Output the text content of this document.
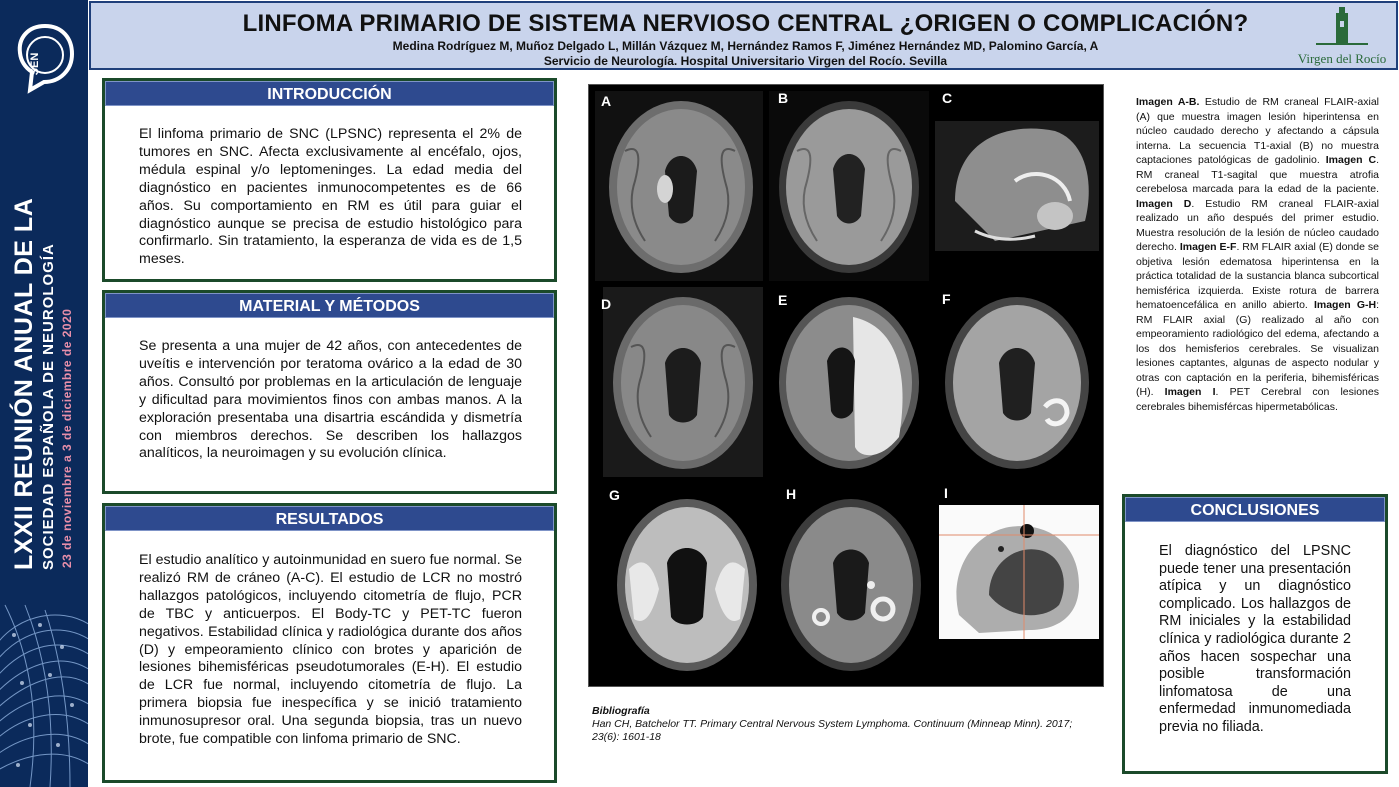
SEN
LXXII REUNIÓN ANUAL DE LA SOCIEDAD ESPAÑOLA DE NEUROLOGÍA 23 de noviembre a 3 de diciembre de 2020
LINFOMA PRIMARIO DE SISTEMA NERVIOSO CENTRAL ¿ORIGEN O COMPLICACIÓN?
Medina Rodríguez M, Muñoz Delgado L, Millán Vázquez M, Hernández Ramos F, Jiménez Hernández MD, Palomino García, A
Servicio de Neurología. Hospital Universitario Virgen del Rocío. Sevilla	Virgen del Rocío
INTRODUCCIÓN
El linfoma primario de SNC (LPSNC) representa el 2% de tumores en SNC. Afecta exclusivamente al encéfalo, ojos, médula espinal y/o leptomeninges. La edad media del diagnóstico en pacientes inmunocompetentes es de 66 años. Su comportamiento en RM es útil para guiar el diagnóstico aunque se precisa de estudio histológico para confirmarlo. Sin tratamiento, la esperanza de vida es de 1,5 meses.
MATERIAL Y MÉTODOS
Se presenta a una mujer de 42 años, con antecedentes de uveítis e intervención por teratoma ovárico a la edad de 30 años. Consultó por problemas en la articulación de lenguaje y dificultad para movimientos finos con ambas manos. A la exploración presentaba una disartria escándida y dismetría con miembros derechos. Se describen los hallazgos analíticos, la neuroimagen y su evolución clínica.
RESULTADOS
El estudio analítico y autoinmunidad en suero fue normal. Se realizó RM de cráneo (A-C). El estudio de LCR no mostró hallazgos patológicos, incluyendo citometría de flujo, PCR de TBC y anticuerpos. El Body-TC y PET-TC fueron negativos. Estabilidad clínica y radiológica durante dos años (D) y empeoramiento clínico con brotes y aparición de lesiones bihemisféricas pseudotumorales (E-H). El estudio de LCR fue normal, incluyendo citometría de flujo. La primera biopsia fue inespecífica y se inició tratamiento inmunosupresor oral. Una segunda biopsia, tras un nuevo brote, fue compatible con linfoma primario de SNC.
A	B	C
D	E	F
G	H	I
Imagen A-B. Estudio de RM craneal FLAIR-axial (A) que muestra imagen lesión hiperintensa en núcleo caudado derecho y afectando a cápsula interna. La secuencia T1-axial (B) no muestra captaciones patológicas de gadolinio. Imagen C. RM craneal T1-sagital que muestra atrofia cerebelosa marcada para la edad de la paciente. Imagen D. Estudio RM craneal FLAIR-axial realizado un año después del primer estudio. Muestra resolución de la lesión de núcleo caudado derecho. Imagen E-F. RM FLAIR axial (E) donde se objetiva lesión edematosa hiperintensa en la práctica totalidad de la sustancia blanca subcortical hemisférica izquierda. Existe rotura de barrera hematoencefálica en anillo abierto. Imagen G-H: RM FLAIR axial (G) realizado al año con empeoramiento radiológico del edema, afectando a los dos hemisferios cerebrales. Se visualizan lesiones captantes, algunas de aspecto nodular y otras con captación en la periferia, bihemisféricas (H). Imagen I. PET Cerebral con lesiones cerebrales bihemisfércas hipermetabólicas.
CONCLUSIONES
El diagnóstico del LPSNC puede tener una presentación atípica y un diagnóstico complicado. Los hallazgos de RM iniciales y la estabilidad clínica y radiológica durante 2 años hacen sospechar una posible transformación linfomatosa de una enfermedad inmunomediada previa no filiada.
Bibliografía
Han CH, Batchelor TT. Primary Central Nervous System Lymphoma. Continuum (Minneap Minn). 2017; 23(6): 1601-18
